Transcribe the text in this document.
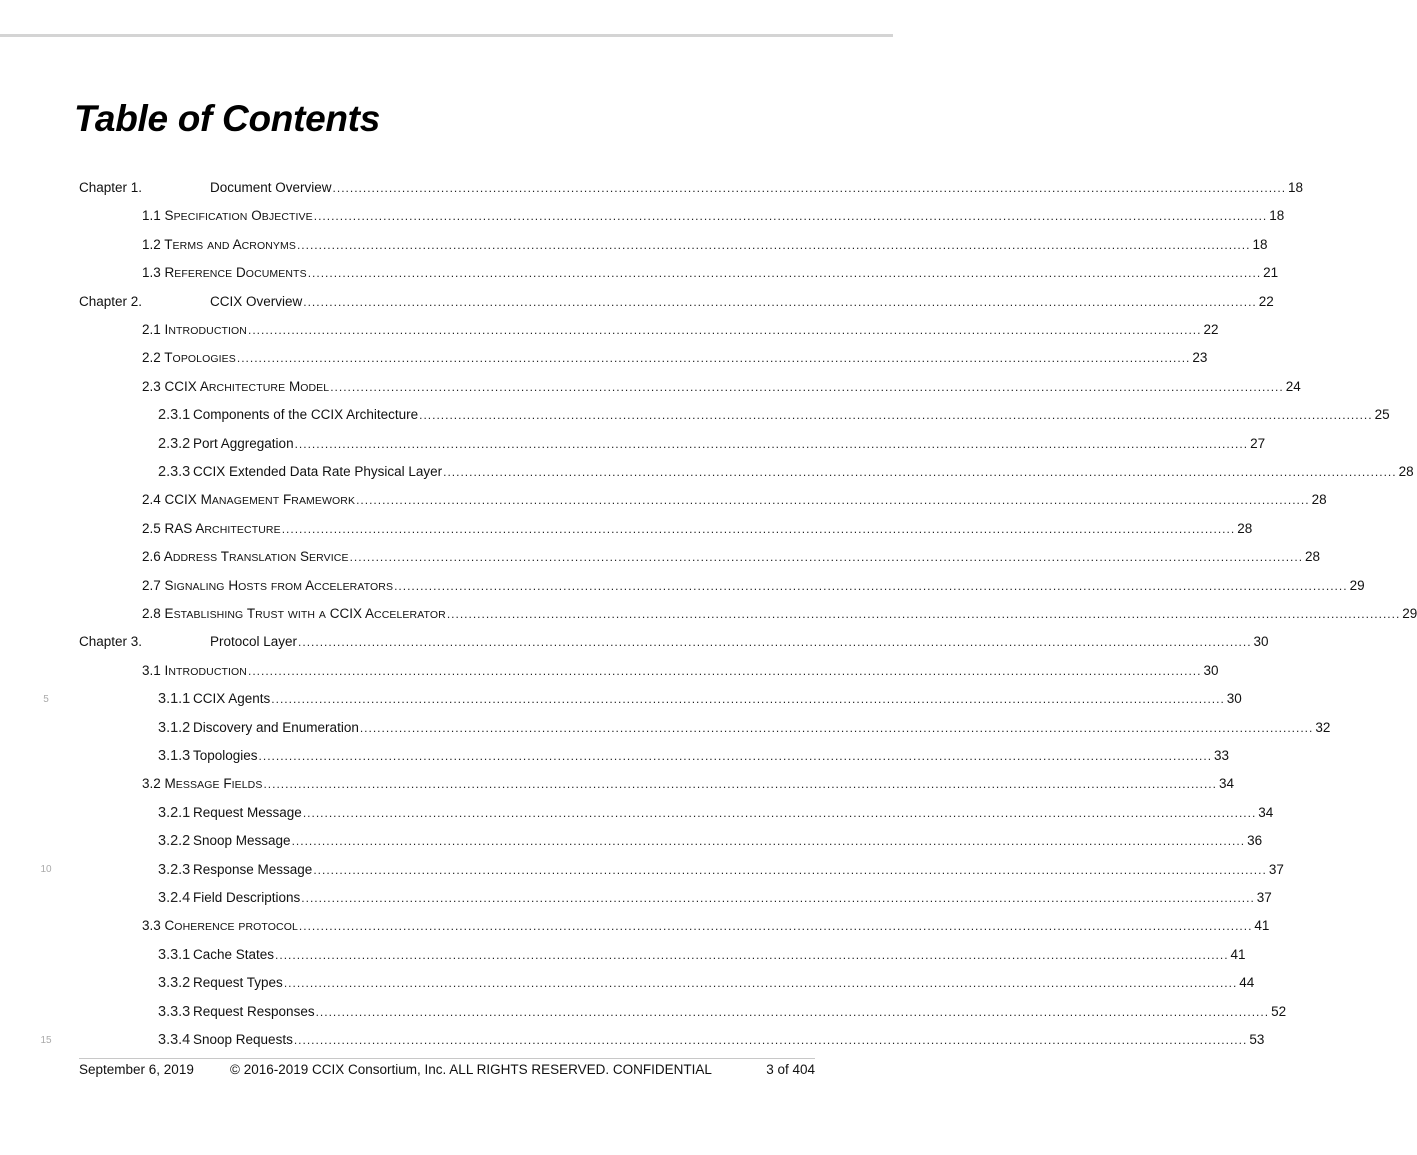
Table of Contents
Chapter 1.	Document Overview ............................................................................................................................................................................................................................ 18
1.1 SPECIFICATION OBJECTIVE ............................................................................................................................................................................................................................ 18
1.2 TERMS AND ACRONYMS ............................................................................................................................................................................................................................ 18
1.3 REFERENCE DOCUMENTS ............................................................................................................................................................................................................................ 21
Chapter 2.	CCIX Overview ............................................................................................................................................................................................................................ 22
2.1 INTRODUCTION ............................................................................................................................................................................................................................ 22
2.2 TOPOLOGIES ............................................................................................................................................................................................................................ 23
2.3 CCIX ARCHITECTURE MODEL ............................................................................................................................................................................................................................ 24
2.3.1 Components of the CCIX Architecture ............................................................................................................................................................................................................................ 25
2.3.2 Port Aggregation ............................................................................................................................................................................................................................ 27
2.3.3 CCIX Extended Data Rate Physical Layer ............................................................................................................................................................................................................................ 28
2.4 CCIX MANAGEMENT FRAMEWORK ............................................................................................................................................................................................................................ 28
2.5 RAS ARCHITECTURE ............................................................................................................................................................................................................................ 28
2.6 ADDRESS TRANSLATION SERVICE ............................................................................................................................................................................................................................ 28
2.7 SIGNALING HOSTS FROM ACCELERATORS ............................................................................................................................................................................................................................ 29
2.8 ESTABLISHING TRUST WITH A CCIX ACCELERATOR ............................................................................................................................................................................................................................ 29
Chapter 3.	Protocol Layer ............................................................................................................................................................................................................................ 30
3.1 INTRODUCTION ............................................................................................................................................................................................................................ 30
3.1.1 CCIX Agents ............................................................................................................................................................................................................................ 30
3.1.2 Discovery and Enumeration ............................................................................................................................................................................................................................ 32
3.1.3 Topologies ............................................................................................................................................................................................................................ 33
3.2 MESSAGE FIELDS ............................................................................................................................................................................................................................ 34
3.2.1 Request Message ............................................................................................................................................................................................................................ 34
3.2.2 Snoop Message ............................................................................................................................................................................................................................ 36
3.2.3 Response Message ............................................................................................................................................................................................................................ 37
3.2.4 Field Descriptions ............................................................................................................................................................................................................................ 37
3.3 COHERENCE PROTOCOL ............................................................................................................................................................................................................................ 41
3.3.1 Cache States ............................................................................................................................................................................................................................ 41
3.3.2 Request Types ............................................................................................................................................................................................................................ 44
3.3.3 Request Responses ............................................................................................................................................................................................................................ 52
3.3.4 Snoop Requests ............................................................................................................................................................................................................................ 53
5
10
15
September 6, 2019	© 2016-2019 CCIX Consortium, Inc. ALL RIGHTS RESERVED. CONFIDENTIAL	3 of 404
